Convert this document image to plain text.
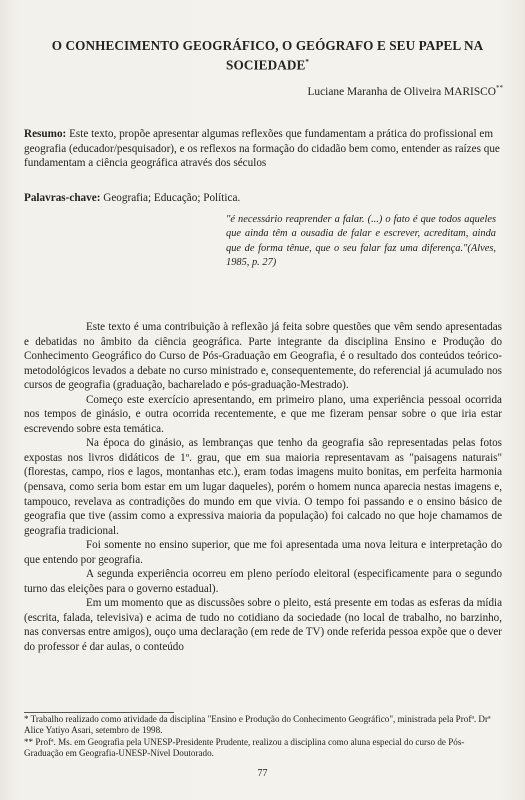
O CONHECIMENTO GEOGRÁFICO, O GEÓGRAFO E SEU PAPEL NA SOCIEDADE*
Luciane Maranha de Oliveira MARISCO**
Resumo: Este texto, propõe apresentar algumas reflexões que fundamentam a prática do profissional em geografia (educador/pesquisador), e os reflexos na formação do cidadão bem como, entender as raízes que fundamentam a ciência geográfica através dos séculos
Palavras-chave: Geografia; Educação; Política.
"é necessário reaprender a falar. (...) o fato é que todos aqueles que ainda têm a ousadia de falar e escrever, acreditam, ainda que de forma tênue, que o seu falar faz uma diferença."(Alves, 1985, p. 27)

Este texto é uma contribuição à reflexão já feita sobre questões que vêm sendo apresentadas e debatidas no âmbito da ciência geográfica. Parte integrante da disciplina Ensino e Produção do Conhecimento Geográfico do Curso de Pós-Graduação em Geografia, é o resultado dos conteúdos teórico-metodológicos levados a debate no curso ministrado e, consequentemente, do referencial já acumulado nos cursos de geografia (graduação, bacharelado e pós-graduação-Mestrado).

Começo este exercício apresentando, em primeiro plano, uma experiência pessoal ocorrida nos tempos de ginásio, e outra ocorrida recentemente, e que me fizeram pensar sobre o que iria estar escrevendo sobre esta temática.

Na época do ginásio, as lembranças que tenho da geografia são representadas pelas fotos expostas nos livros didáticos de 1º. grau, que em sua maioria representavam as "paisagens naturais"(florestas, campo, rios e lagos, montanhas etc.), eram todas imagens muito bonitas, em perfeita harmonia (pensava, como seria bom estar em um lugar daqueles), porém o homem nunca aparecia nestas imagens e, tampouco, revelava as contradições do mundo em que vivia. O tempo foi passando e o ensino básico de geografia que tive (assim como a expressiva maioria da população) foi calcado no que hoje chamamos de geografia tradicional.

Foi somente no ensino superior, que me foi apresentada uma nova leitura e interpretação do que entendo por geografia.

A segunda experiência ocorreu em pleno período eleitoral (especificamente para o segundo turno das eleições para o governo estadual).

Em um momento que as discussões sobre o pleito, está presente em todas as esferas da mídia (escrita, falada, televisiva) e acima de tudo no cotidiano da sociedade (no local de trabalho, no barzinho, nas conversas entre amigos), ouço uma declaração (em rede de TV) onde referida pessoa expõe que o dever do professor é dar aulas, o conteúdo

* Trabalho realizado como atividade da disciplina "Ensino e Produção do Conhecimento Geográfico", ministrada pela Profª. Drª Alice Yatiyo Asari, setembro de 1998.

** Profª. Ms. em Geografia pela UNESP-Presidente Prudente, realizou a disciplina como aluna especial do curso de Pós-Graduação em Geografia-UNESP-Nível Doutorado.

77
